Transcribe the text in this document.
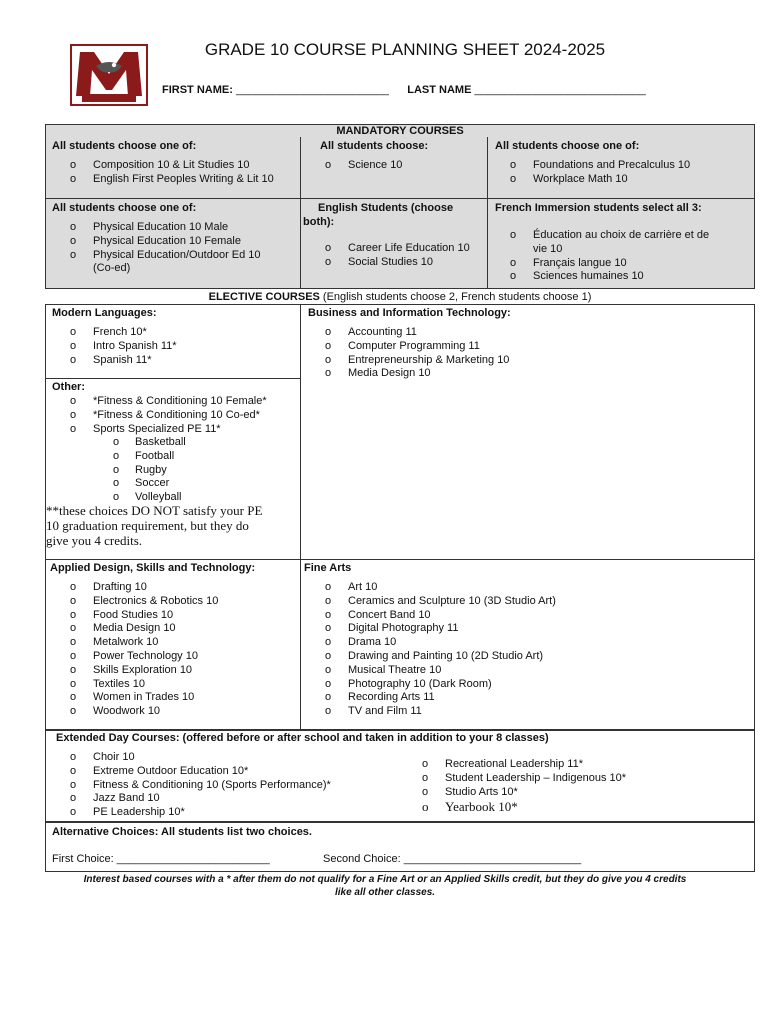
GRADE 10 COURSE PLANNING SHEET 2024-2025
FIRST NAME: _________________________ LAST NAME ____________________________
MANDATORY COURSES
All students choose one of:
o Composition 10 & Lit Studies 10
o English First Peoples Writing & Lit 10
All students choose:
o Science 10
All students choose one of:
o Foundations and Precalculus 10
o Workplace Math 10
All students choose one of:
o Physical Education 10 Male
o Physical Education 10 Female
o Physical Education/Outdoor Ed 10
(Co-ed)
English Students (choose
both):
o Career Life Education 10
o Social Studies 10
French Immersion students select all 3:
o Éducation au choix de carrière et de
vie 10
o Français langue 10
o Sciences humaines 10
ELECTIVE COURSES (English students choose 2, French students choose 1)
Modern Languages:
o French 10*
o Intro Spanish 11*
o Spanish 11*
Other:
o *Fitness & Conditioning 10 Female*
o *Fitness & Conditioning 10 Co-ed*
o Sports Specialized PE 11*
o Basketball
o Football
o Rugby
o Soccer
o Volleyball
**these choices DO NOT satisfy your PE
10 graduation requirement, but they do
give you 4 credits.
Business and Information Technology:
o Accounting 11
o Computer Programming 11
o Entrepreneurship & Marketing 10
o Media Design 10
Applied Design, Skills and Technology:
o Drafting 10
o Electronics & Robotics 10
o Food Studies 10
o Media Design 10
o Metalwork 10
o Power Technology 10
o Skills Exploration 10
o Textiles 10
o Women in Trades 10
o Woodwork 10
Fine Arts
o Art 10
o Ceramics and Sculpture 10 (3D Studio Art)
o Concert Band 10
o Digital Photography 11
o Drama 10
o Drawing and Painting 10 (2D Studio Art)
o Musical Theatre 10
o Photography 10 (Dark Room)
o Recording Arts 11
o TV and Film 11
Extended Day Courses: (offered before or after school and taken in addition to your 8 classes)
o Choir 10
o Extreme Outdoor Education 10*
o Fitness & Conditioning 10 (Sports Performance)*
o Jazz Band 10
o PE Leadership 10*
o Recreational Leadership 11*
o Student Leadership – Indigenous 10*
o Studio Arts 10*
o Yearbook 10*
Alternative Choices: All students list two choices.
First Choice: _________________________	Second Choice: _____________________________
Interest based courses with a * after them do not qualify for a Fine Art or an Applied Skills credit, but they do give you 4 credits
like all other classes.
